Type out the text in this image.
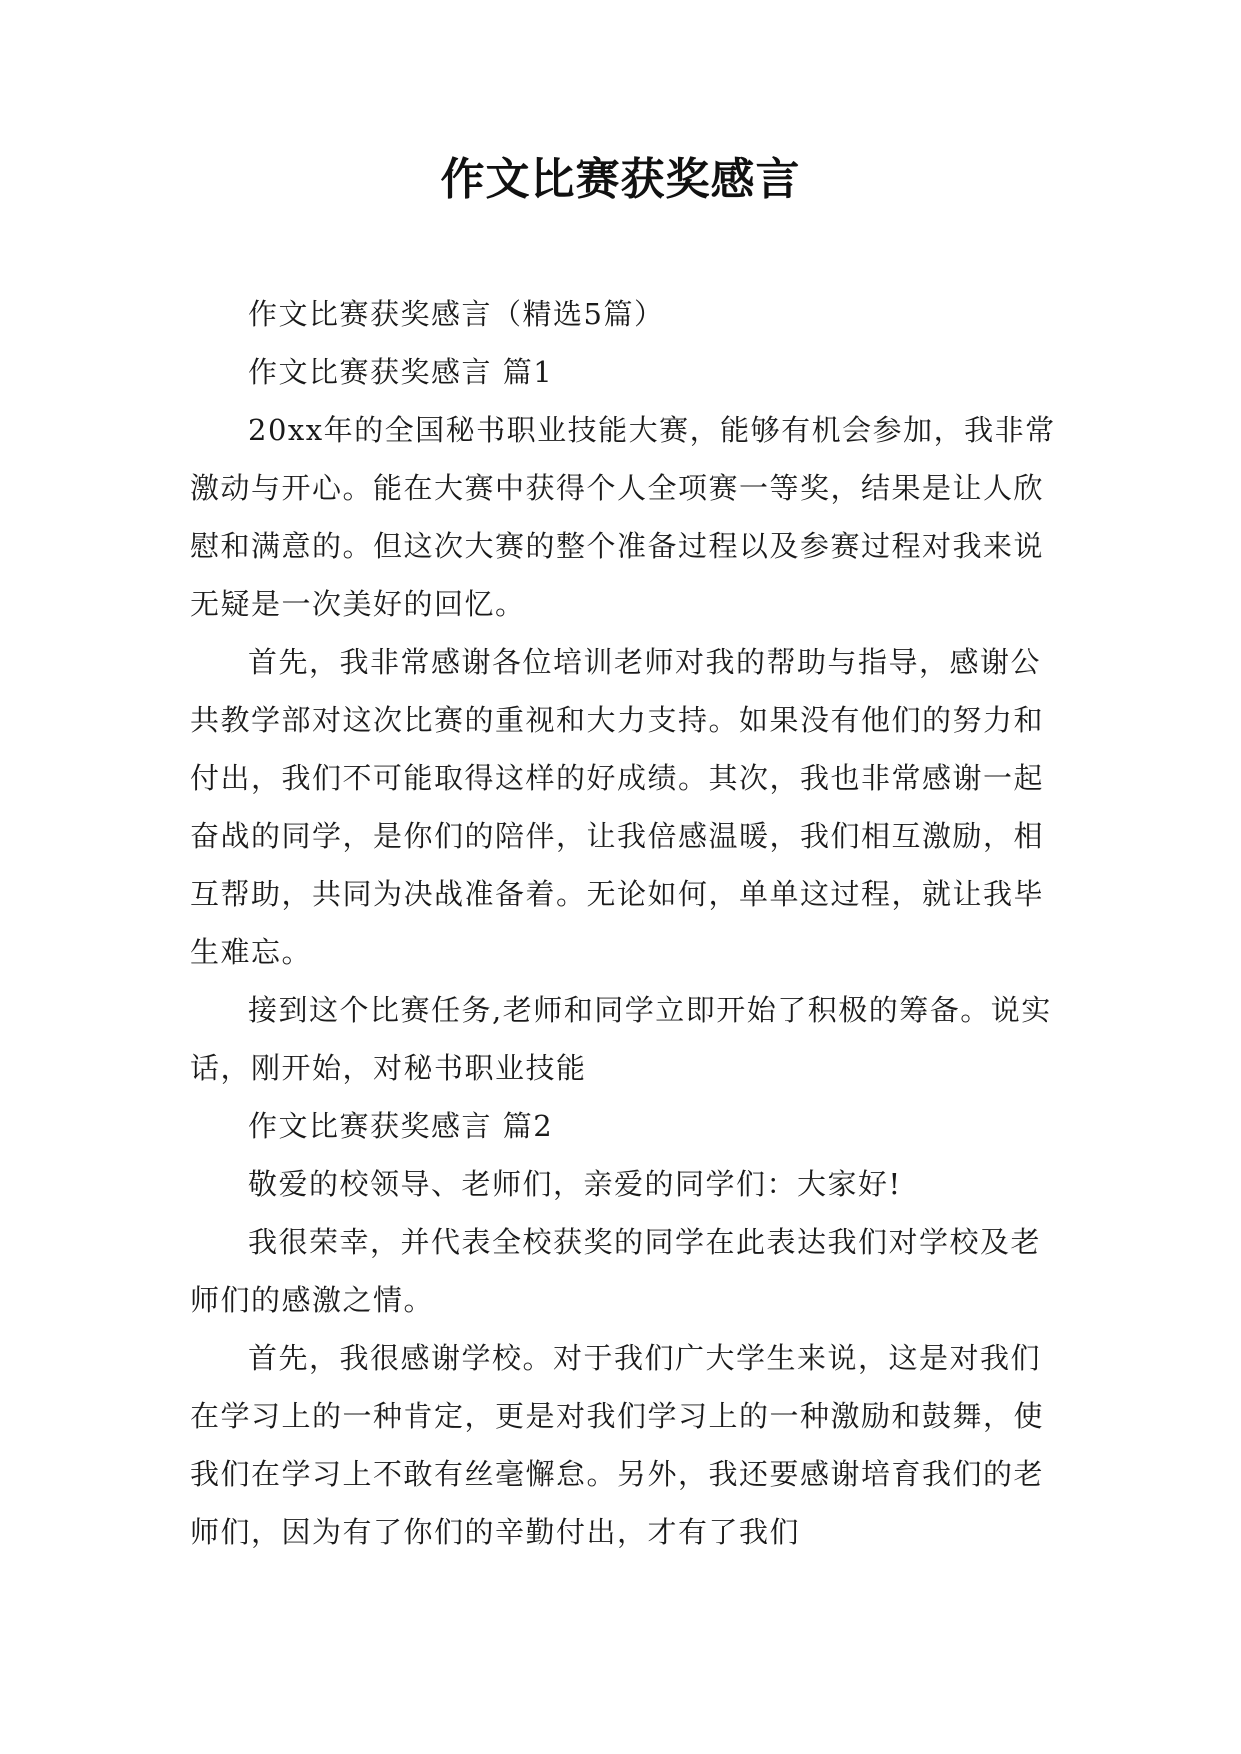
作文比赛获奖感言

作文比赛获奖感言（精选5篇）

作文比赛获奖感言 篇1

20xx年的全国秘书职业技能大赛，能够有机会参加，我非常激动与开心。能在大赛中获得个人全项赛一等奖，结果是让人欣慰和满意的。但这次大赛的整个准备过程以及参赛过程对我来说无疑是一次美好的回忆。

首先，我非常感谢各位培训老师对我的帮助与指导，感谢公共教学部对这次比赛的重视和大力支持。如果没有他们的努力和付出，我们不可能取得这样的好成绩。其次，我也非常感谢一起奋战的同学，是你们的陪伴，让我倍感温暖，我们相互激励，相互帮助，共同为决战准备着。无论如何，单单这过程，就让我毕生难忘。

接到这个比赛任务,老师和同学立即开始了积极的筹备。说实话，刚开始，对秘书职业技能

作文比赛获奖感言 篇2

敬爱的校领导、老师们，亲爱的同学们：大家好!

我很荣幸，并代表全校获奖的同学在此表达我们对学校及老师们的感激之情。

首先，我很感谢学校。对于我们广大学生来说，这是对我们在学习上的一种肯定，更是对我们学习上的一种激励和鼓舞，使我们在学习上不敢有丝毫懈怠。另外，我还要感谢培育我们的老师们，因为有了你们的辛勤付出，才有了我们
